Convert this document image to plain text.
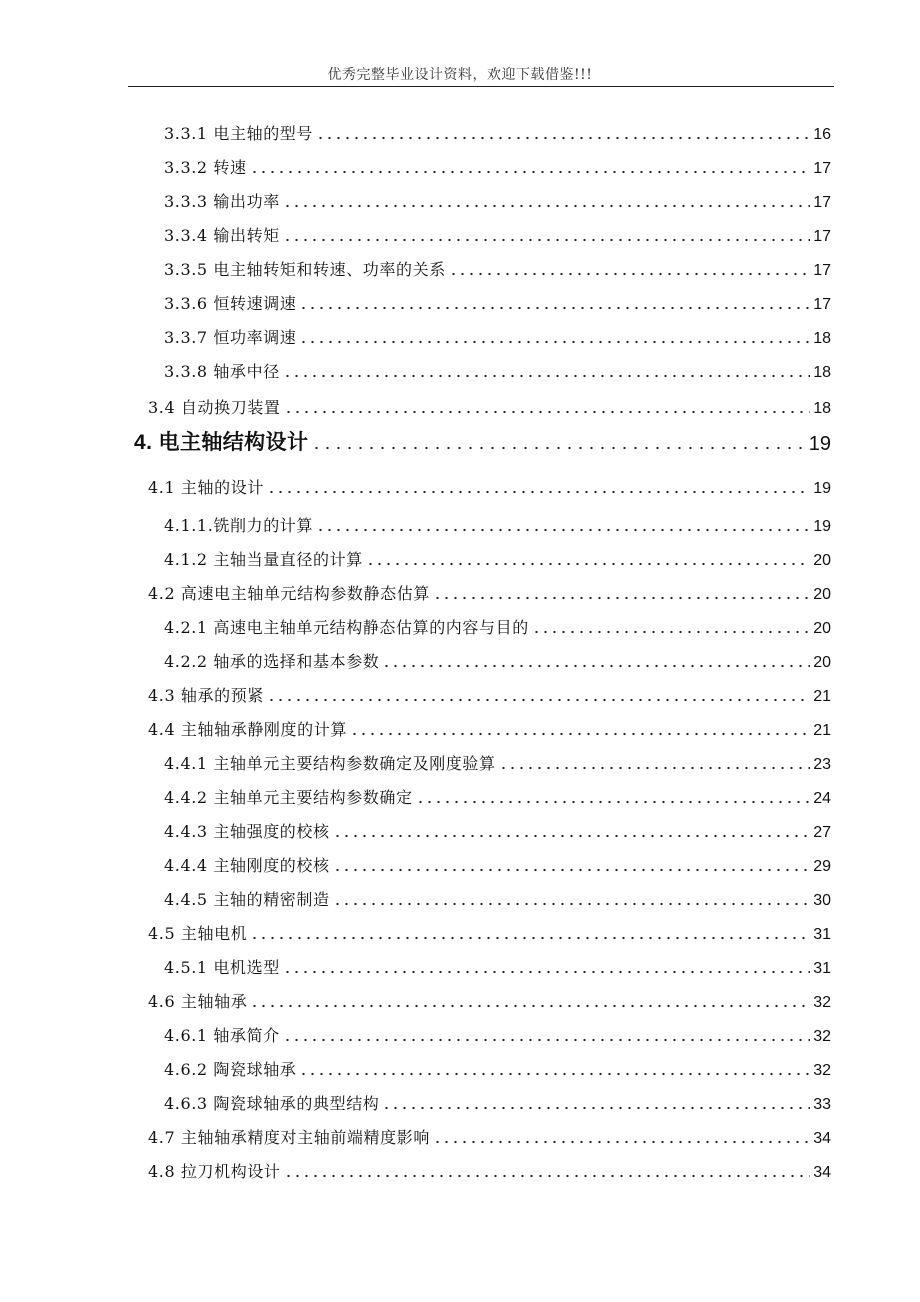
优秀完整毕业设计资料，欢迎下载借鉴!!!
3.3.1 电主轴的型号	16
3.3.2 转速	17
3.3.3 输出功率	17
3.3.4 输出转矩	17
3.3.5 电主轴转矩和转速、功率的关系	17
3.3.6 恒转速调速	17
3.3.7 恒功率调速	18
3.3.8 轴承中径	18
3.4 自动换刀装置	18
4. 电主轴结构设计	19
4.1 主轴的设计	19
4.1.1.铣削力的计算	19
4.1.2 主轴当量直径的计算	20
4.2 高速电主轴单元结构参数静态估算	20
4.2.1 高速电主轴单元结构静态估算的内容与目的	20
4.2.2 轴承的选择和基本参数	20
4.3 轴承的预紧	21
4.4 主轴轴承静刚度的计算	21
4.4.1 主轴单元主要结构参数确定及刚度验算	23
4.4.2 主轴单元主要结构参数确定	24
4.4.3 主轴强度的校核	27
4.4.4 主轴刚度的校核	29
4.4.5 主轴的精密制造	30
4.5 主轴电机	31
4.5.1 电机选型	31
4.6 主轴轴承	32
4.6.1 轴承简介	32
4.6.2 陶瓷球轴承	32
4.6.3 陶瓷球轴承的典型结构	33
4.7 主轴轴承精度对主轴前端精度影响	34
4.8 拉刀机构设计	34
